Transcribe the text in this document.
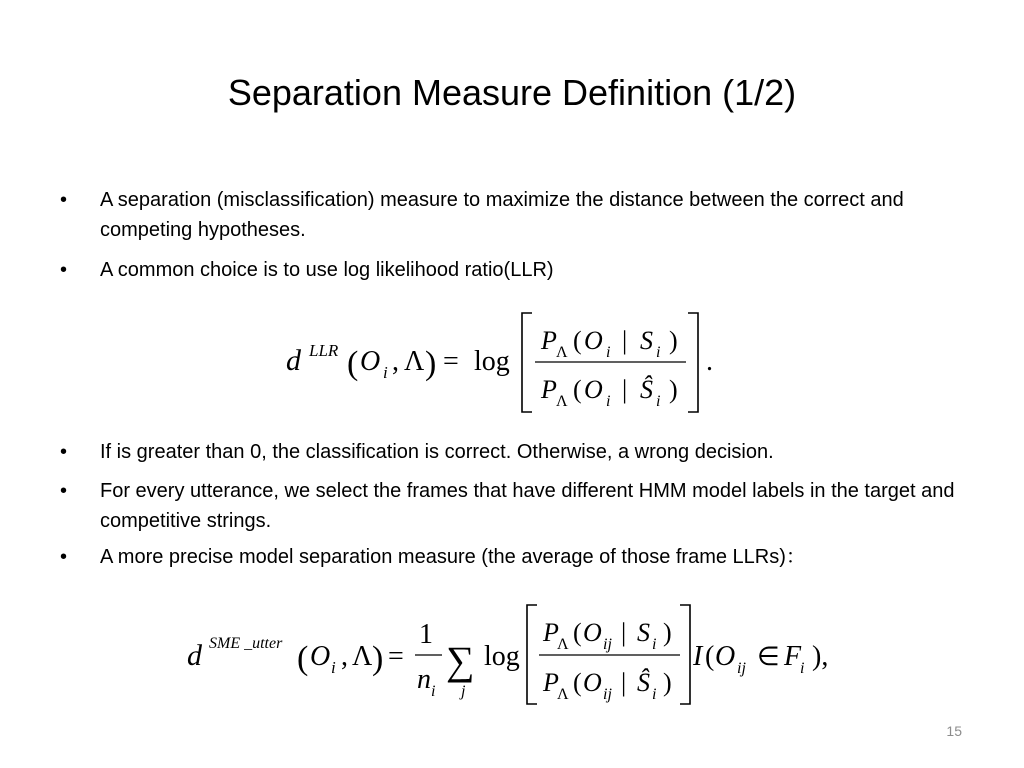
Separation Measure Definition (1/2)
• A separation (misclassification) measure to maximize the distance between the correct and competing hypotheses.
• A common choice is to use log likelihood ratio(LLR)
d LLR ( O i , Λ ) = log
P Λ ( O i | S i )
P Λ ( O i | Ŝ i )
.
• If is greater than 0, the classification is correct. Otherwise, a wrong decision.
• For every utterance, we select the frames that have different HMM model labels in the target and competitive strings.
• A more precise model separation measure (the average of those frame LLRs)：
d SME _utter ( O i , Λ ) =
1
n i
∑
j
log
P
Λ ( O ij | S i )
P
Λ ( O ij | Ŝ i )
I ( O ij ∈ F
i ),
15
